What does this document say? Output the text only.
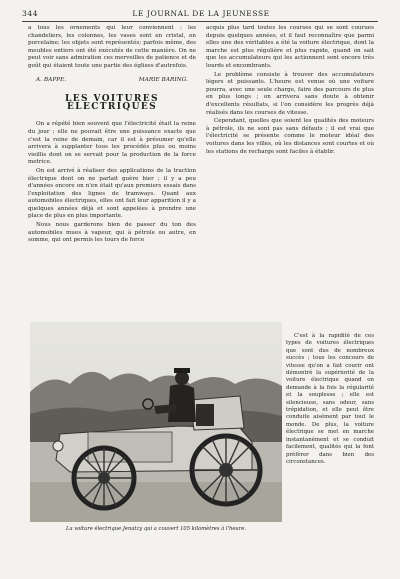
344	LE JOURNAL DE LA JEUNESSE

a tous les ornements qui leur conviennent : les chandeliers, les colonnes, les vases sont en cristal, en porcelaine; les objets sont représentés; parfois même, des meubles entiers ont été exécutés de cette manière. On ne peut voir sans admiration ces merveilles de patience et de goût qui étaient toute une partie des églises d'autrefois.

A. BAPPE.	MARIE BARING.
LES VOITURES ÉLECTRIQUES

On a répété bien souvent que l'électricité était la reine du jour ; elle ne pouvait être une puissance exacte que c'est la reine de demain, car il est à présumer qu'elle arrivera à supplanter tous les procédés plus ou moins vieillis dont on se servait pour la production de la force motrice.

On est arrivé à réaliser des applications de la traction électrique dont on ne parlait guère hier ; il y a peu d'années encore on n'en était qu'aux premiers essais dans l'exploitation des lignes de tramways. Quant aux automobiles électriques, elles ont fait leur apparition il y a quelques années déjà et sont appelées à prendre une place de plus en plus importante.

Nous nous garderons bien de passer du ton des automobiles mues à vapeur, qui à pétrole ou autre, en somme, qui ont permis les tours de force

acquis plus tard toutes les courses qui se sont courues depuis quelques années, et il faut reconnaître que parmi elles une des véritables a été la voiture électrique, dont la marche est plus régulière et plus rapide, quand on sait que les accumulateurs qui les actionnent sont encore très lourds et encombrants.

Le problème consiste à trouver des accumulateurs légers et puissants. L'heure est venue où une voiture pourra, avec une seule charge, faire des parcours de plus en plus longs ; on arrivera sans doute à obtenir d'excellents résultats, si l'on considère les progrès déjà réalisés dans les courses de vitesse.

Cependant, quelles que soient les qualités des moteurs à pétrole, ils ne sont pas sans défauts ; il est vrai que l'électricité se présente comme le moteur idéal des voitures dans les villes, où les distances sont courtes et où les stations de recharge sont faciles à établir.

C'est à la rapidité de ces types de voitures électriques que sont dus de nombreux succès ; tous les concours de vitesse qu'on a fait courir ont démontré la supériorité de la voiture électrique quand on demande à la fois la régularité et la souplesse ; elle est silencieuse, sans odeur, sans trépidation, et elle peut être conduite aisément par tout le monde. De plus, la voiture électrique se met en marche instantanément et se conduit facilement, qualités qui la font préférer dans bien des circonstances.

La voiture électrique Jenatzy qui a couvert 105 kilomètres à l'heure.
